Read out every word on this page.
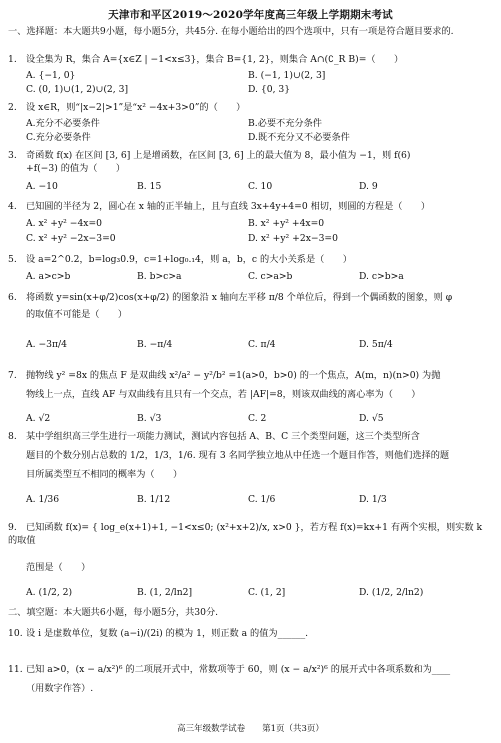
天津市和平区2019～2020学年度高三年级上学期期末考试
一、选择题：本大题共9小题，每小题5分，共45分. 在每小题给出的四个选项中，只有一项是符合题目要求的.
1. 设全集为 R，集合 A={x∈Z | −1<x≤3}，集合 B={1, 2}，则集合 A∩(∁_R B)=（　　）
A. {−1, 0}	B. (−1, 1)∪(2, 3]
C. (0, 1)∪(1, 2)∪(2, 3]	D. {0, 3}
2. 设 x∈R，则“|x−2|>1”是“x² −4x+3>0”的（　　）
A.充分不必要条件	B.必要不充分条件
C.充分必要条件	D.既不充分又不必要条件
3. 奇函数 f(x) 在区间 [3, 6] 上是增函数，在区间 [3, 6] 上的最大值为 8，最小值为 −1，则 f(6)
+f(−3) 的值为（　　）
A. −10	B. 15	C. 10	D. 9
4. 已知圆的半径为 2，圆心在 x 轴的正半轴上，且与直线 3x+4y+4=0 相切，则圆的方程是（　　）
A. x² +y² −4x=0	B. x² +y² +4x=0
C. x² +y² −2x−3=0	D. x² +y² +2x−3=0
5. 设 a=2^0.2，b=log₃0.9，c=1+log₀.₁4，则 a，b，c 的大小关系是（　　）
A. a>c>b	B. b>c>a	C. c>a>b	D. c>b>a
6. 将函数 y=sin(x+φ/2)cos(x+φ/2) 的图象沿 x 轴向左平移 π/8 个单位后，得到一个偶函数的图象，则 φ
的取值不可能是（　　）
A. −3π/4	B. −π/4	C. π/4	D. 5π/4
7. 抛物线 y² =8x 的焦点 F 是双曲线 x²/a² − y²/b² =1(a>0，b>0) 的一个焦点，A(m，n)(n>0) 为抛
物线上一点，直线 AF 与双曲线有且只有一个交点，若 |AF|=8，则该双曲线的离心率为（　　）
A. √2	B. √3	C. 2	D. √5
8. 某中学组织高三学生进行一项能力测试，测试内容包括 A、B、C 三个类型问题，这三个类型所含
题目的个数分别占总数的 1/2，1/3，1/6. 现有 3 名同学独立地从中任选一个题目作答，则他们选择的题
目所属类型互不相同的概率为（　　）
A. 1/36	B. 1/12	C. 1/6	D. 1/3
9. 已知函数 f(x)= { log_e(x+1)+1, −1<x≤0; (x²+x+2)/x, x>0 }，若方程 f(x)=kx+1 有两个实根，则实数 k 的取值
范围是（　　）
A. (1/2, 2)	B. (1, 2/ln2]	C. (1, 2]	D. (1/2, 2/ln2)
二、填空题：本大题共6小题，每小题5分，共30分.
10. 设 i 是虚数单位，复数 (a−i)/(2i) 的模为 1，则正数 a 的值为______.
11. 已知 a>0，(x − a/x²)⁶ 的二项展开式中，常数项等于 60，则 (x − a/x²)⁶ 的展开式中各项系数和为____
（用数字作答）.
高三年级数学试卷　　第1页（共3页）
